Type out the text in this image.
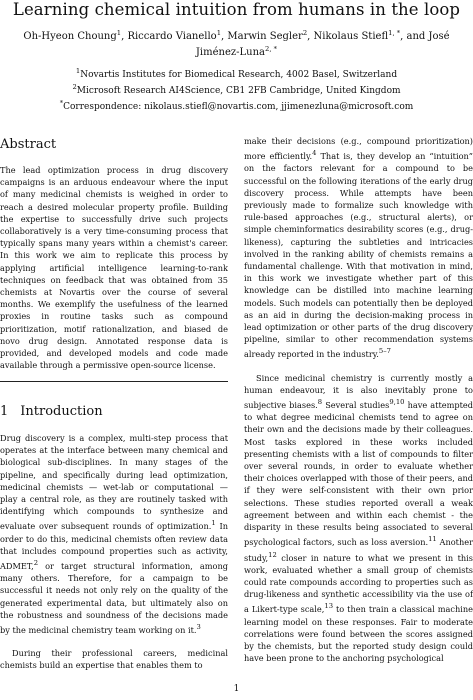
Learning chemical intuition from humans in the loop
Oh-Hyeon Choung$^1$, Riccardo Vianello$^1$, Marwin Segler$^2$, Nikolaus Stiefl$^{1, *}$, and José
Jiménez-Luna$^{2, *}$
$^1$Novartis Institutes for Biomedical Research, 4002 Basel, Switzerland
$^2$Microsoft Research AI4Science, CB1 2FB Cambridge, United Kingdom
*Correspondence: nikolaus.stiefl@novartis.com, jjimenezluna@microsoft.com
Abstract

The lead optimization process in drug discovery campaigns is an arduous endeavour where the input of many medicinal chemists is weighed in order to reach a desired molecular property profile. Building the expertise to successfully drive such projects collaboratively is a very time-consuming process that typically spans many years within a chemist's career. In this work we aim to replicate this process by applying artificial intelligence learning-to-rank techniques on feedback that was obtained from 35 chemists at Novartis over the course of several months. We exemplify the usefulness of the learned proxies in routine tasks such as compound prioritization, motif rationalization, and biased de novo drug design. Annotated response data is provided, and developed models and code made available through a permissive open-source license.

1 Introduction

Drug discovery is a complex, multi-step process that operates at the interface between many chemical and biological sub-disciplines. In many stages of the pipeline, and specifically during lead optimization, medicinal chemists — wet-lab or computational — play a central role, as they are routinely tasked with identifying which compounds to synthesize and evaluate over subsequent rounds of optimization.$^1$ In order to do this, medicinal chemists often review data that includes compound properties such as activity, ADMET,$^2$ or target structural information, among many others. Therefore, for a campaign to be successful it needs not only rely on the quality of the generated experimental data, but ultimately also on the robustness and soundness of the decisions made by the medicinal chemistry team working on it.$^3$

During their professional careers, medicinal chemists build an expertise that enables them to

make their decisions (e.g., compound prioritization) more efficiently.$^4$ That is, they develop an “intuition” on the factors relevant for a compound to be successful on the following iterations of the early drug discovery process. While attempts have been previously made to formalize such knowledge with rule-based approaches (e.g., structural alerts), or simple cheminformatics desirability scores (e.g., drug-likeness), capturing the subtleties and intricacies involved in the ranking ability of chemists remains a fundamental challenge. With that motivation in mind, in this work we investigate whether part of this knowledge can be distilled into machine learning models. Such models can potentially then be deployed as an aid in during the decision-making process in lead optimization or other parts of the drug discovery pipeline, similar to other recommendation systems already reported in the industry.$^{5-7}$

Since medicinal chemistry is currently mostly a human endeavour, it is also inevitably prone to subjective biases.$^8$ Several studies$^{9,10}$ have attempted to what degree medicinal chemists tend to agree on their own and the decisions made by their colleagues. Most tasks explored in these works included presenting chemists with a list of compounds to filter over several rounds, in order to evaluate whether their choices overlapped with those of their peers, and if they were self-consistent with their own prior selections. These studies reported overall a weak agreement between and within each chemist - the disparity in these results being associated to several psychological factors, such as loss aversion.$^{11}$ Another study,$^{12}$ closer in nature to what we present in this work, evaluated whether a small group of chemists could rate compounds according to properties such as drug-likeness and synthetic accessibility via the use of a Likert-type scale,$^{13}$ to then train a classical machine learning model on these responses. Fair to moderate correlations were found between the scores assigned by the chemists, but the reported study design could have been prone to the anchoring psychological

1
